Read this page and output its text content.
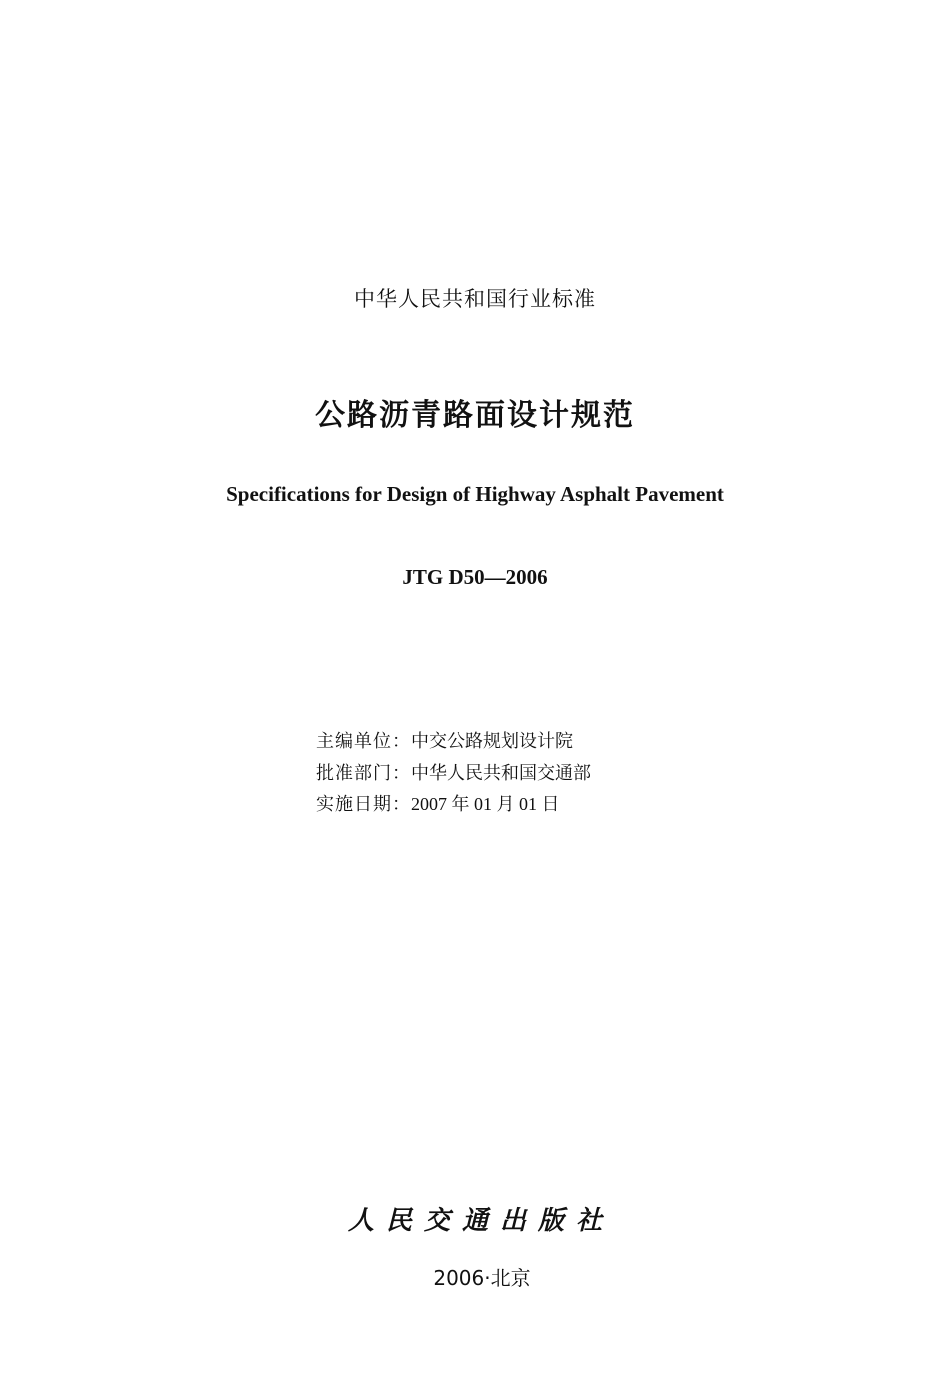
中华人民共和国行业标准
公路沥青路面设计规范
Specifications for Design of Highway Asphalt Pavement
JTG D50—2006
主编单位：中交公路规划设计院
批准部门：中华人民共和国交通部
实施日期：2007 年 01 月 01 日
人民交通出版社
2006·北京
